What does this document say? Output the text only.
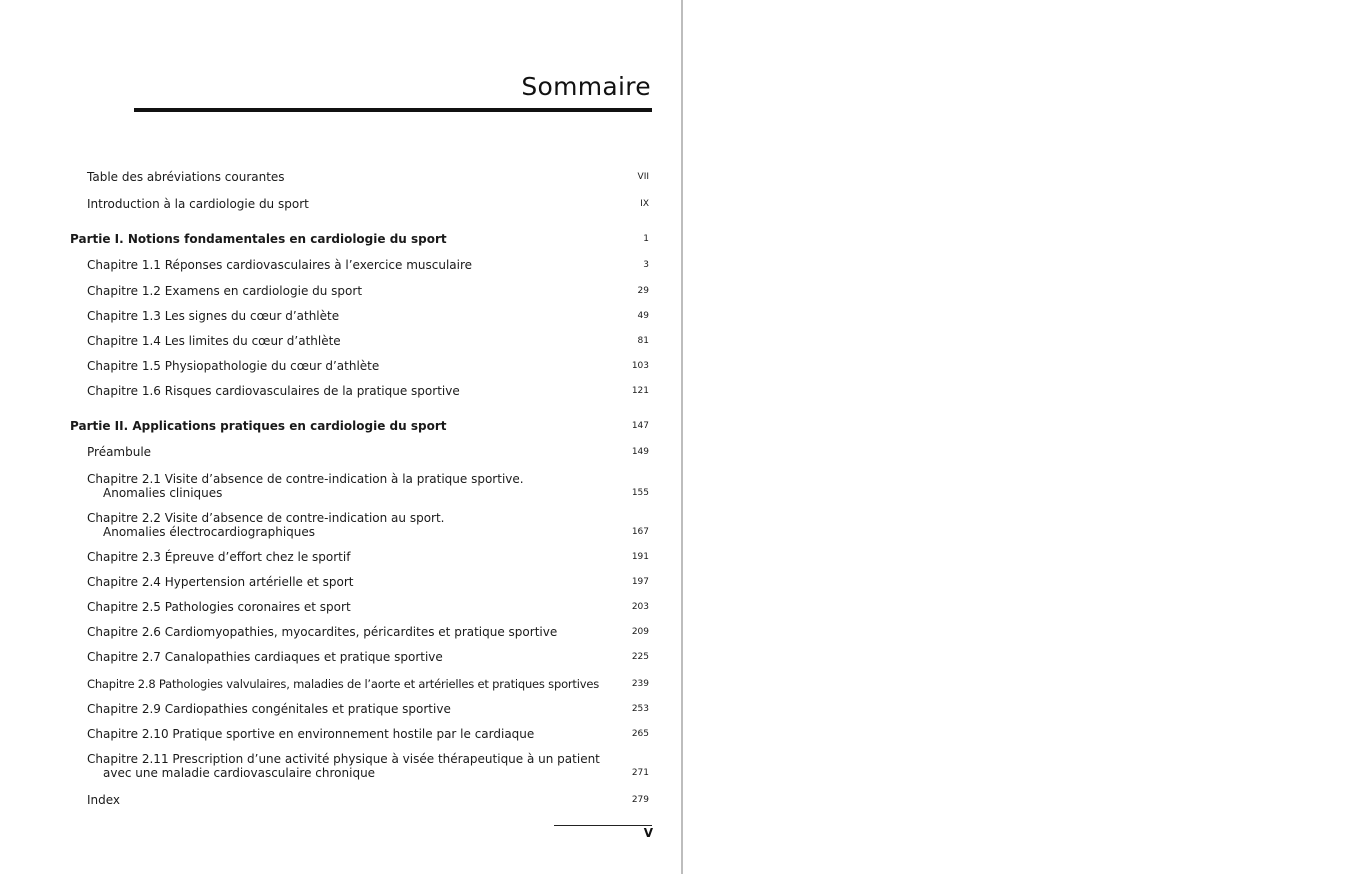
Sommaire
Table des abréviations courantes	VII
Introduction à la cardiologie du sport	IX
Partie I. Notions fondamentales en cardiologie du sport	1
Chapitre 1.1 Réponses cardiovasculaires à l’exercice musculaire	3
Chapitre 1.2 Examens en cardiologie du sport	29
Chapitre 1.3 Les signes du cœur d’athlète	49
Chapitre 1.4 Les limites du cœur d’athlète	81
Chapitre 1.5 Physiopathologie du cœur d’athlète	103
Chapitre 1.6 Risques cardiovasculaires de la pratique sportive	121
Partie II. Applications pratiques en cardiologie du sport	147
Préambule	149
Chapitre 2.1 Visite d’absence de contre-indication à la pratique sportive.
Anomalies cliniques	155
Chapitre 2.2 Visite d’absence de contre-indication au sport.
Anomalies électrocardiographiques	167
Chapitre 2.3 Épreuve d’effort chez le sportif	191
Chapitre 2.4 Hypertension artérielle et sport	197
Chapitre 2.5 Pathologies coronaires et sport	203
Chapitre 2.6 Cardiomyopathies, myocardites, péricardites et pratique sportive	209
Chapitre 2.7 Canalopathies cardiaques et pratique sportive	225
Chapitre 2.8 Pathologies valvulaires, maladies de l’aorte et artérielles et pratiques sportives	239
Chapitre 2.9 Cardiopathies congénitales et pratique sportive	253
Chapitre 2.10 Pratique sportive en environnement hostile par le cardiaque	265
Chapitre 2.11 Prescription d’une activité physique à visée thérapeutique à un patient
avec une maladie cardiovasculaire chronique	271
Index	279
V
